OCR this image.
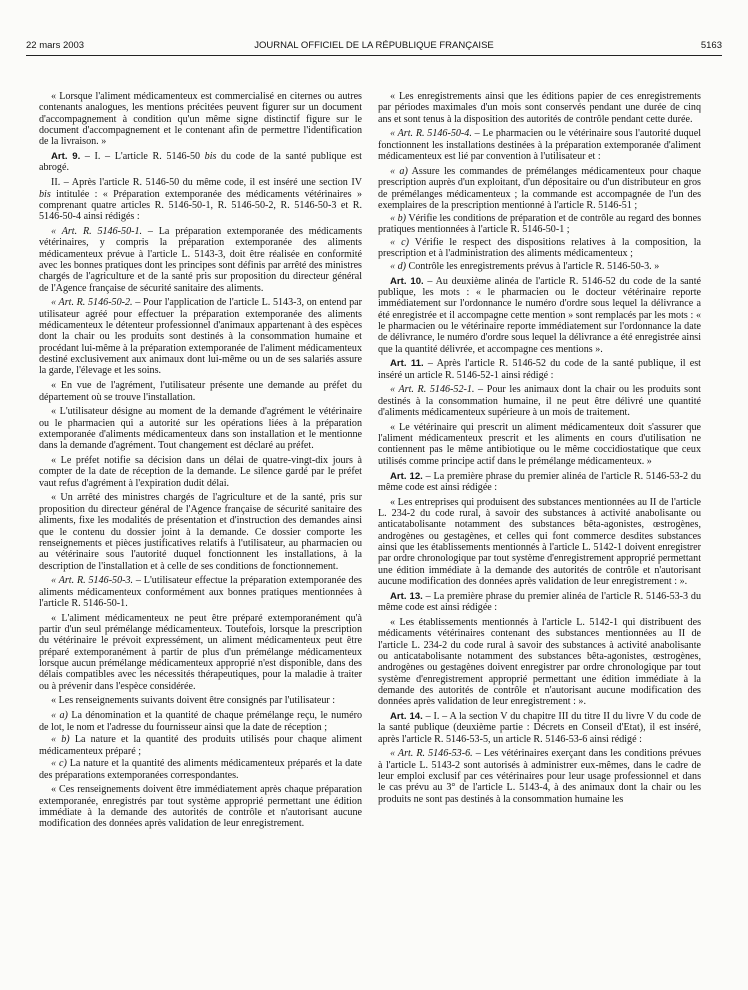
22 mars 2003	JOURNAL OFFICIEL DE LA RÉPUBLIQUE FRANÇAISE	5163

« Lorsque l'aliment médicamenteux est commercialisé en citernes ou autres contenants analogues, les mentions précitées peuvent figurer sur un document d'accompagnement à condition qu'un même signe distinctif figure sur le document d'accompagnement et le contenant afin de permettre l'identification de la livraison. »

Art. 9. – I. – L'article R. 5146-50 bis du code de la santé publique est abrogé.

II. – Après l'article R. 5146-50 du même code, il est inséré une section IV bis intitulée : « Préparation extemporanée des médicaments vétérinaires » comprenant quatre articles R. 5146-50-1, R. 5146-50-2, R. 5146-50-3 et R. 5146-50-4 ainsi rédigés :

« Art. R. 5146-50-1. – La préparation extemporanée des médicaments vétérinaires, y compris la préparation extemporanée des aliments médicamenteux prévue à l'article L. 5143-3, doit être réalisée en conformité avec les bonnes pratiques dont les principes sont définis par arrêté des ministres chargés de l'agriculture et de la santé pris sur proposition du directeur général de l'Agence française de sécurité sanitaire des aliments.

« Art. R. 5146-50-2. – Pour l'application de l'article L. 5143-3, on entend par utilisateur agréé pour effectuer la préparation extemporanée des aliments médicamenteux le détenteur professionnel d'animaux appartenant à des espèces dont la chair ou les produits sont destinés à la consommation humaine et procédant lui-même à la préparation extemporanée de l'aliment médicamenteux destiné exclusivement aux animaux dont lui-même ou un de ses salariés assure la garde, l'élevage et les soins.

« En vue de l'agrément, l'utilisateur présente une demande au préfet du département où se trouve l'installation.

« L'utilisateur désigne au moment de la demande d'agrément le vétérinaire ou le pharmacien qui a autorité sur les opérations liées à la préparation extemporanée d'aliments médicamenteux dans son installation et le mentionne dans la demande d'agrément. Tout changement est déclaré au préfet.

« Le préfet notifie sa décision dans un délai de quatre-vingt-dix jours à compter de la date de réception de la demande. Le silence gardé par le préfet vaut refus d'agrément à l'expiration dudit délai.

« Un arrêté des ministres chargés de l'agriculture et de la santé, pris sur proposition du directeur général de l'Agence française de sécurité sanitaire des aliments, fixe les modalités de présentation et d'instruction des demandes ainsi que le contenu du dossier joint à la demande. Ce dossier comporte les renseignements et pièces justificatives relatifs à l'utilisateur, au pharmacien ou au vétérinaire sous l'autorité duquel fonctionnent les installations, à la description de l'installation et à celle de ses conditions de fonctionnement.

« Art. R. 5146-50-3. – L'utilisateur effectue la préparation extemporanée des aliments médicamenteux conformément aux bonnes pratiques mentionnées à l'article R. 5146-50-1.

« L'aliment médicamenteux ne peut être préparé extemporanément qu'à partir d'un seul prémélange médicamenteux. Toutefois, lorsque la prescription du vétérinaire le prévoit expressément, un aliment médicamenteux peut être préparé extemporanément à partir de plus d'un prémélange médicamenteux lorsque aucun prémélange médicamenteux approprié n'est disponible, dans des délais compatibles avec les nécessités thérapeutiques, pour la maladie à traiter ou à prévenir dans l'espèce considérée.

« Les renseignements suivants doivent être consignés par l'utilisateur :

« a) La dénomination et la quantité de chaque prémélange reçu, le numéro de lot, le nom et l'adresse du fournisseur ainsi que la date de réception ;

« b) La nature et la quantité des produits utilisés pour chaque aliment médicamenteux préparé ;

« c) La nature et la quantité des aliments médicamenteux préparés et la date des préparations extemporanées correspondantes.

« Ces renseignements doivent être immédiatement après chaque préparation extemporanée, enregistrés par tout système approprié permettant une édition immédiate à la demande des autorités de contrôle et n'autorisant aucune modification des données après validation de leur enregistrement.

« Les enregistrements ainsi que les éditions papier de ces enregistrements par périodes maximales d'un mois sont conservés pendant une durée de cinq ans et sont tenus à la disposition des autorités de contrôle pendant cette durée.

« Art. R. 5146-50-4. – Le pharmacien ou le vétérinaire sous l'autorité duquel fonctionnent les installations destinées à la préparation extemporanée d'aliment médicamenteux est lié par convention à l'utilisateur et :

« a) Assure les commandes de prémélanges médicamenteux pour chaque prescription auprès d'un exploitant, d'un dépositaire ou d'un distributeur en gros de prémélanges médicamenteux ; la commande est accompagnée de l'un des exemplaires de la prescription mentionné à l'article R. 5146-51 ;

« b) Vérifie les conditions de préparation et de contrôle au regard des bonnes pratiques mentionnées à l'article R. 5146-50-1 ;

« c) Vérifie le respect des dispositions relatives à la composition, la prescription et à l'administration des aliments médicamenteux ;

« d) Contrôle les enregistrements prévus à l'article R. 5146-50-3. »

Art. 10. – Au deuxième alinéa de l'article R. 5146-52 du code de la santé publique, les mots : « le pharmacien ou le docteur vétérinaire reporte immédiatement sur l'ordonnance le numéro d'ordre sous lequel la délivrance a été enregistrée et il accompagne cette mention » sont remplacés par les mots : « le pharmacien ou le vétérinaire reporte immédiatement sur l'ordonnance la date de délivrance, le numéro d'ordre sous lequel la délivrance a été enregistrée ainsi que la quantité délivrée, et accompagne ces mentions ».

Art. 11. – Après l'article R. 5146-52 du code de la santé publique, il est inséré un article R. 5146-52-1 ainsi rédigé :

« Art. R. 5146-52-1. – Pour les animaux dont la chair ou les produits sont destinés à la consommation humaine, il ne peut être délivré une quantité d'aliments médicamenteux supérieure à un mois de traitement.

« Le vétérinaire qui prescrit un aliment médicamenteux doit s'assurer que l'aliment médicamenteux prescrit et les aliments en cours d'utilisation ne contiennent pas le même antibiotique ou le même coccidiostatique que ceux utilisés comme principe actif dans le prémélange médicamenteux. »

Art. 12. – La première phrase du premier alinéa de l'article R. 5146-53-2 du même code est ainsi rédigée :

« Les entreprises qui produisent des substances mentionnées au II de l'article L. 234-2 du code rural, à savoir des substances à activité anabolisante ou anticatabolisante notamment des substances bêta-agonistes, œstrogènes, androgènes ou gestagènes, et celles qui font commerce desdites substances ainsi que les établissements mentionnés à l'article L. 5142-1 doivent enregistrer par ordre chronologique par tout système d'enregistrement approprié permettant une édition immédiate à la demande des autorités de contrôle et n'autorisant aucune modification des données après validation de leur enregistrement : ».

Art. 13. – La première phrase du premier alinéa de l'article R. 5146-53-3 du même code est ainsi rédigée :

« Les établissements mentionnés à l'article L. 5142-1 qui distribuent des médicaments vétérinaires contenant des substances mentionnées au II de l'article L. 234-2 du code rural à savoir des substances à activité anabolisante ou anticatabolisante notamment des substances bêta-agonistes, œstrogènes, androgènes ou gestagènes doivent enregistrer par ordre chronologique par tout système d'enregistrement approprié permettant une édition immédiate à la demande des autorités de contrôle et n'autorisant aucune modification des données après validation de leur enregistrement : ».

Art. 14. – I. – A la section V du chapitre III du titre II du livre V du code de la santé publique (deuxième partie : Décrets en Conseil d'Etat), il est inséré, après l'article R. 5146-53-5, un article R. 5146-53-6 ainsi rédigé :

« Art. R. 5146-53-6. – Les vétérinaires exerçant dans les conditions prévues à l'article L. 5143-2 sont autorisés à administrer eux-mêmes, dans le cadre de leur emploi exclusif par ces vétérinaires pour leur usage professionnel et dans le cas prévu au 3° de l'article L. 5143-4, à des animaux dont la chair ou les produits ne sont pas destinés à la consommation humaine les
